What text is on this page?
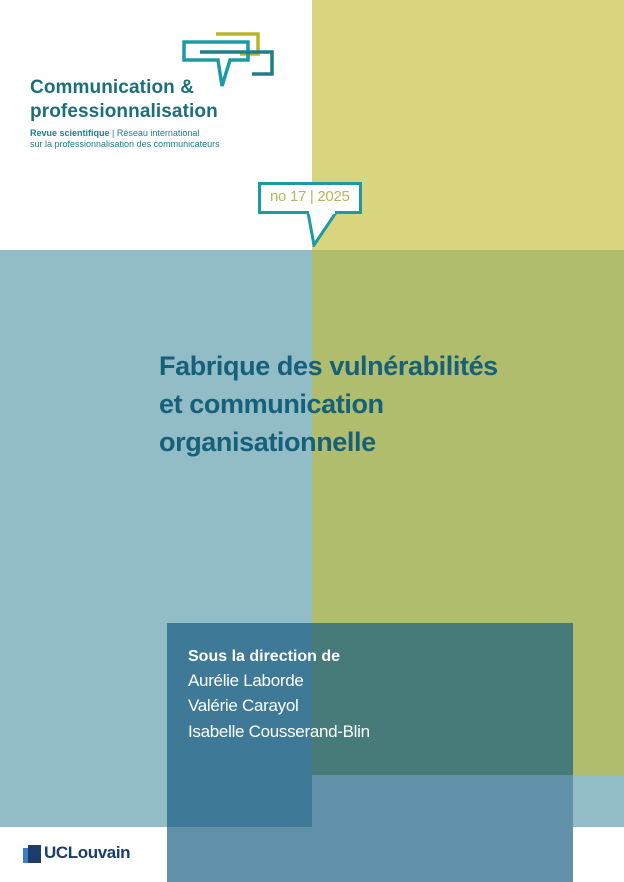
Communication &
professionnalisation
Revue scientifique | Réseau international
sur la professionnalisation des communicateurs
no 17 | 2025
Fabrique des vulnérabilités
et communication
organisationnelle
Sous la direction de
Aurélie Laborde
Valérie Carayol
Isabelle Cousserand-Blin
UCLouvain
